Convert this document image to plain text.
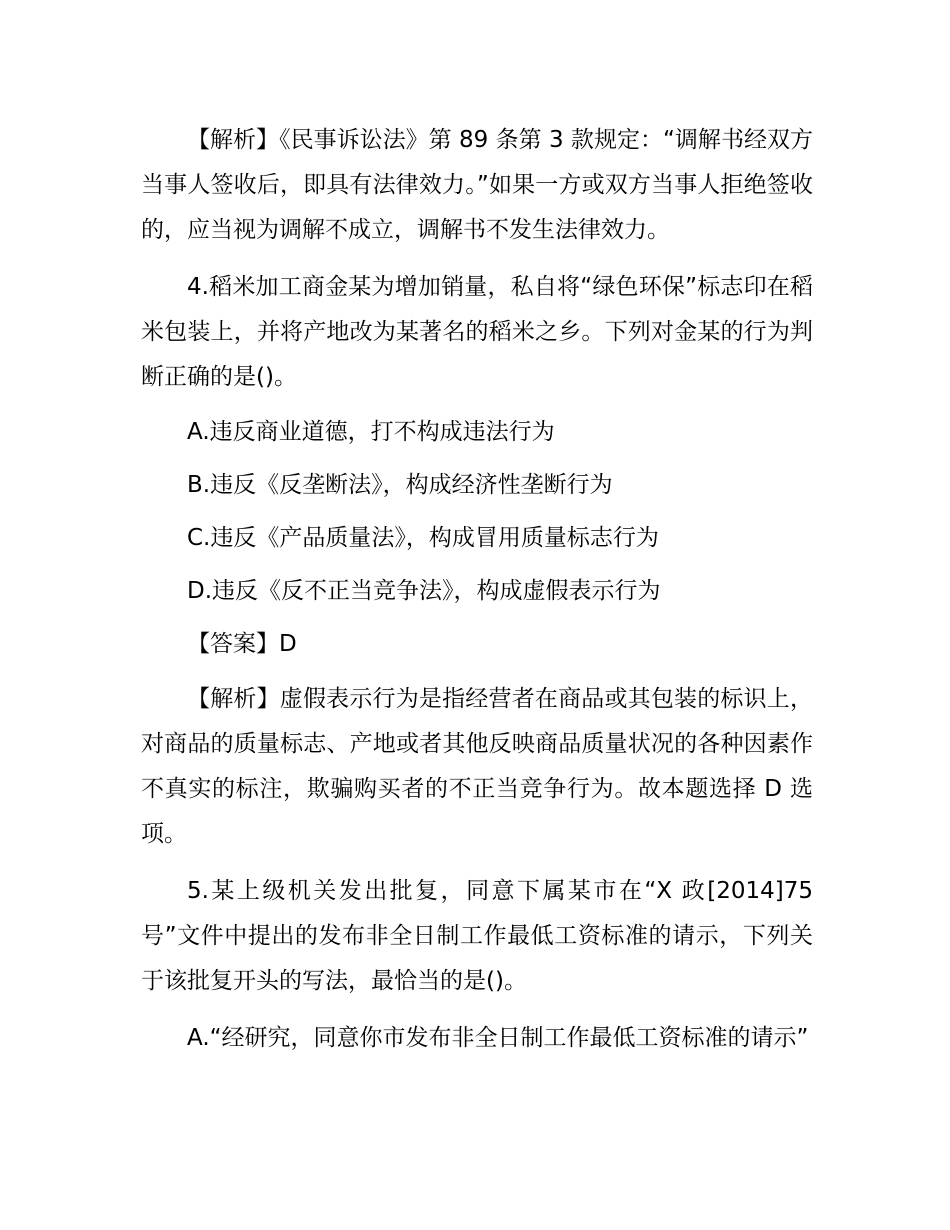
【解析】《民事诉讼法》第 89 条第 3 款规定：“调解书经双方当事人签收后，即具有法律效力。”如果一方或双方当事人拒绝签收的，应当视为调解不成立，调解书不发生法律效力。

4.稻米加工商金某为增加销量，私自将“绿色环保”标志印在稻米包装上，并将产地改为某著名的稻米之乡。下列对金某的行为判断正确的是()。

A.违反商业道德，打不构成违法行为

B.违反《反垄断法》，构成经济性垄断行为

C.违反《产品质量法》，构成冒用质量标志行为

D.违反《反不正当竞争法》，构成虚假表示行为

【答案】D

【解析】虚假表示行为是指经营者在商品或其包装的标识上，对商品的质量标志、产地或者其他反映商品质量状况的各种因素作不真实的标注，欺骗购买者的不正当竞争行为。故本题选择 D 选项。

5.某上级机关发出批复，同意下属某市在“X 政[2014]75号”文件中提出的发布非全日制工作最低工资标准的请示，下列关于该批复开头的写法，最恰当的是()。

A.“经研究，同意你市发布非全日制工作最低工资标准的请示”
